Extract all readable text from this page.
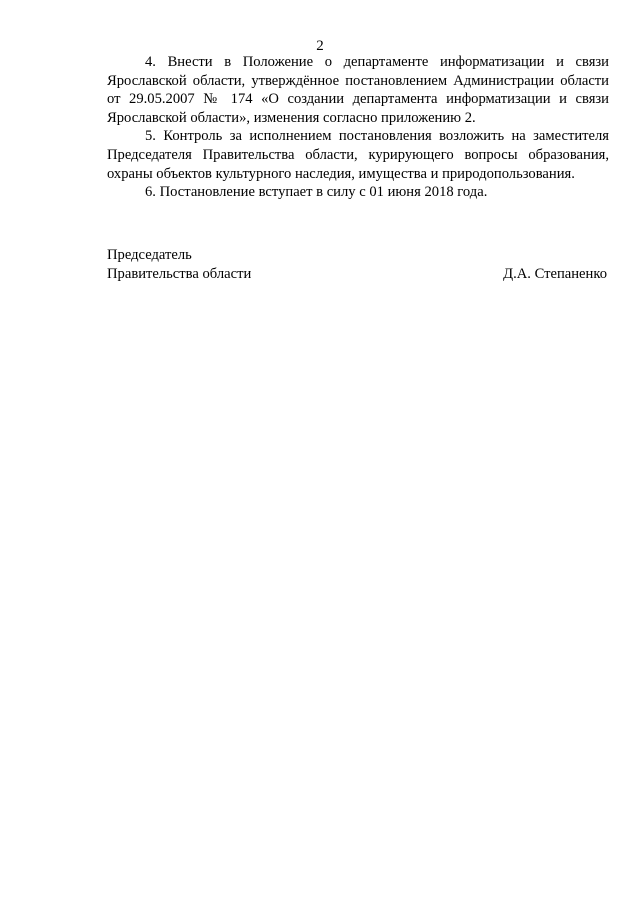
2

4. Внести в Положение о департаменте информатизации и связи Ярославской области, утверждённое постановлением Администрации области от 29.05.2007 № 174 «О создании департамента информатизации и связи Ярославской области», изменения согласно приложению 2.

5. Контроль за исполнением постановления возложить на заместителя Председателя Правительства области, курирующего вопросы образования, охраны объектов культурного наследия, имущества и природопользования.

6. Постановление вступает в силу с 01 июня 2018 года.

Председатель
Правительства области	Д.А. Степаненко
